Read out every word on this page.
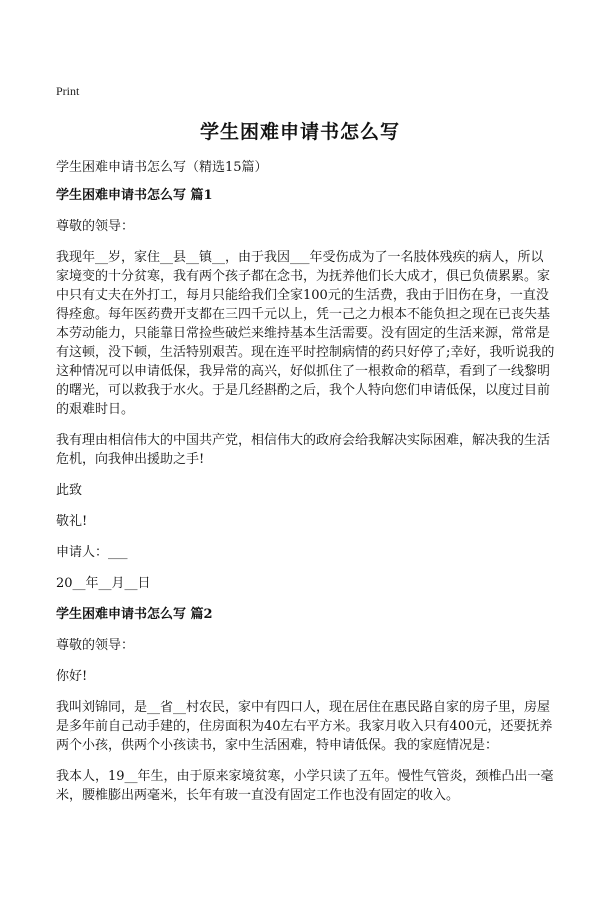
Print
学生困难申请书怎么写
学生困难申请书怎么写（精选15篇）
学生困难申请书怎么写 篇1

尊敬的领导：

我现年__岁，家住__县__镇__，由于我因___年受伤成为了一名肢体残疾的病人，所以家境变的十分贫寒，我有两个孩子都在念书，为抚养他们长大成才，俱已负债累累。家中只有丈夫在外打工，每月只能给我们全家100元的生活费，我由于旧伤在身，一直没得痊愈。每年医药费开支都在三四千元以上，凭一己之力根本不能负担之现在已丧失基本劳动能力，只能靠日常捡些破烂来维持基本生活需要。没有固定的生活来源，常常是有这顿，没下顿，生活特别艰苦。现在连平时控制病情的药只好停了;幸好，我听说我的这种情况可以申请低保，我异常的高兴，好似抓住了一根救命的稻草，看到了一线黎明的曙光，可以救我于水火。于是几经斟酌之后，我个人特向您们申请低保，以度过目前的艰难时日。

我有理由相信伟大的中国共产党，相信伟大的政府会给我解决实际困难，解决我的生活危机，向我伸出援助之手!

此致

敬礼!

申请人：___

20__年__月__日

学生困难申请书怎么写 篇2

尊敬的领导：

你好!

我叫刘锦同，是__省__村农民，家中有四口人，现在居住在惠民路自家的房子里，房屋是多年前自己动手建的，住房面积为40左右平方米。我家月收入只有400元，还要抚养两个小孩，供两个小孩读书，家中生活困难，特申请低保。我的家庭情况是：

我本人，19__年生，由于原来家境贫寒，小学只读了五年。慢性气管炎，颈椎凸出一毫米，腰椎膨出两毫米，长年有玻一直没有固定工作也没有固定的收入。
